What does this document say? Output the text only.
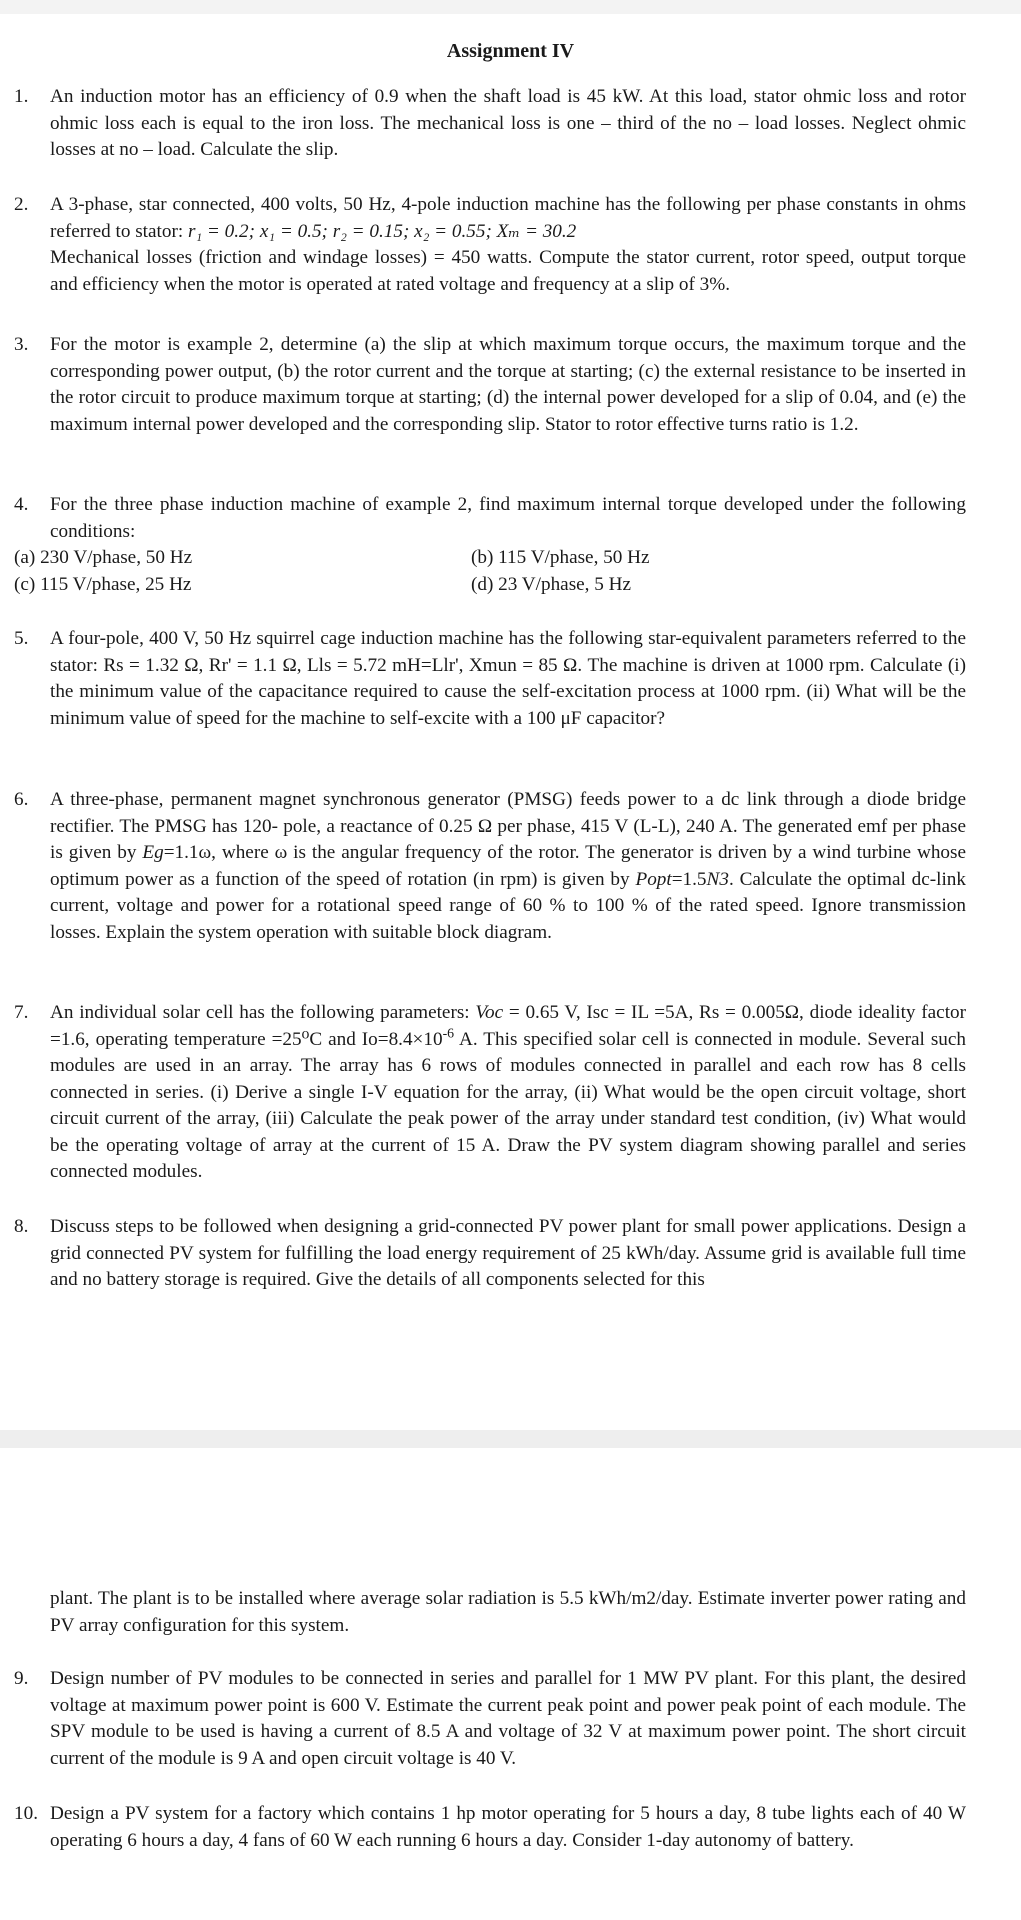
Assignment IV
1.	An induction motor has an efficiency of 0.9 when the shaft load is 45 kW. At this load, stator ohmic loss and rotor ohmic loss each is equal to the iron loss. The mechanical loss is one – third of the no – load losses. Neglect ohmic losses at no – load. Calculate the slip.
2.	A 3-phase, star connected, 400 volts, 50 Hz, 4-pole induction machine has the following per phase constants in ohms referred to stator: r₁ = 0.2; x₁ = 0.5; r₂ = 0.15; x₂ = 0.55; Xₘ = 30.2
Mechanical losses (friction and windage losses) = 450 watts. Compute the stator current, rotor speed, output torque and efficiency when the motor is operated at rated voltage and frequency at a slip of 3%.
3.	For the motor is example 2, determine (a) the slip at which maximum torque occurs, the maximum torque and the corresponding power output, (b) the rotor current and the torque at starting; (c) the external resistance to be inserted in the rotor circuit to produce maximum torque at starting; (d) the internal power developed for a slip of 0.04, and (e) the maximum internal power developed and the corresponding slip. Stator to rotor effective turns ratio is 1.2.
4.	For the three phase induction machine of example 2, find maximum internal torque developed under the following conditions:
(a) 230 V/phase, 50 Hz	(b) 115 V/phase, 50 Hz
(c) 115 V/phase, 25 Hz	(d) 23 V/phase, 5 Hz
5.	A four-pole, 400 V, 50 Hz squirrel cage induction machine has the following star-equivalent parameters referred to the stator: Rs = 1.32 Ω, Rr' = 1.1 Ω, Lls = 5.72 mH=Llr', Xmun = 85 Ω. The machine is driven at 1000 rpm. Calculate (i) the minimum value of the capacitance required to cause the self-excitation process at 1000 rpm. (ii) What will be the minimum value of speed for the machine to self-excite with a 100 μF capacitor?
6.	A three-phase, permanent magnet synchronous generator (PMSG) feeds power to a dc link through a diode bridge rectifier. The PMSG has 120- pole, a reactance of 0.25 Ω per phase, 415 V (L-L), 240 A. The generated emf per phase is given by Eg=1.1ω, where ω is the angular frequency of the rotor. The generator is driven by a wind turbine whose optimum power as a function of the speed of rotation (in rpm) is given by Popt=1.5N3. Calculate the optimal dc-link current, voltage and power for a rotational speed range of 60 % to 100 % of the rated speed. Ignore transmission losses. Explain the system operation with suitable block diagram.
7.	An individual solar cell has the following parameters: Voc = 0.65 V, Isc = IL =5A, Rs = 0.005Ω, diode ideality factor =1.6, operating temperature =25⁰C and $Io=8.4\times 10^{-6}$ A. This specified solar cell is connected in module. Several such modules are used in an array. The array has 6 rows of modules connected in parallel and each row has 8 cells connected in series. (i) Derive a single I-V equation for the array, (ii) What would be the open circuit voltage, short circuit current of the array, (iii) Calculate the peak power of the array under standard test condition, (iv) What would be the operating voltage of array at the current of 15 A. Draw the PV system diagram showing parallel and series connected modules.
8.	Discuss steps to be followed when designing a grid-connected PV power plant for small power applications. Design a grid connected PV system for fulfilling the load energy requirement of 25 kWh/day. Assume grid is available full time and no battery storage is required. Give the details of all components selected for this
plant. The plant is to be installed where average solar radiation is 5.5 kWh/m2/day. Estimate inverter power rating and PV array configuration for this system.
9.	Design number of PV modules to be connected in series and parallel for 1 MW PV plant. For this plant, the desired voltage at maximum power point is 600 V. Estimate the current peak point and power peak point of each module. The SPV module to be used is having a current of 8.5 A and voltage of 32 V at maximum power point. The short circuit current of the module is 9 A and open circuit voltage is 40 V.
10. Design a PV system for a factory which contains 1 hp motor operating for 5 hours a day, 8 tube lights each of 40 W operating 6 hours a day, 4 fans of 60 W each running 6 hours a day. Consider 1-day autonomy of battery.
